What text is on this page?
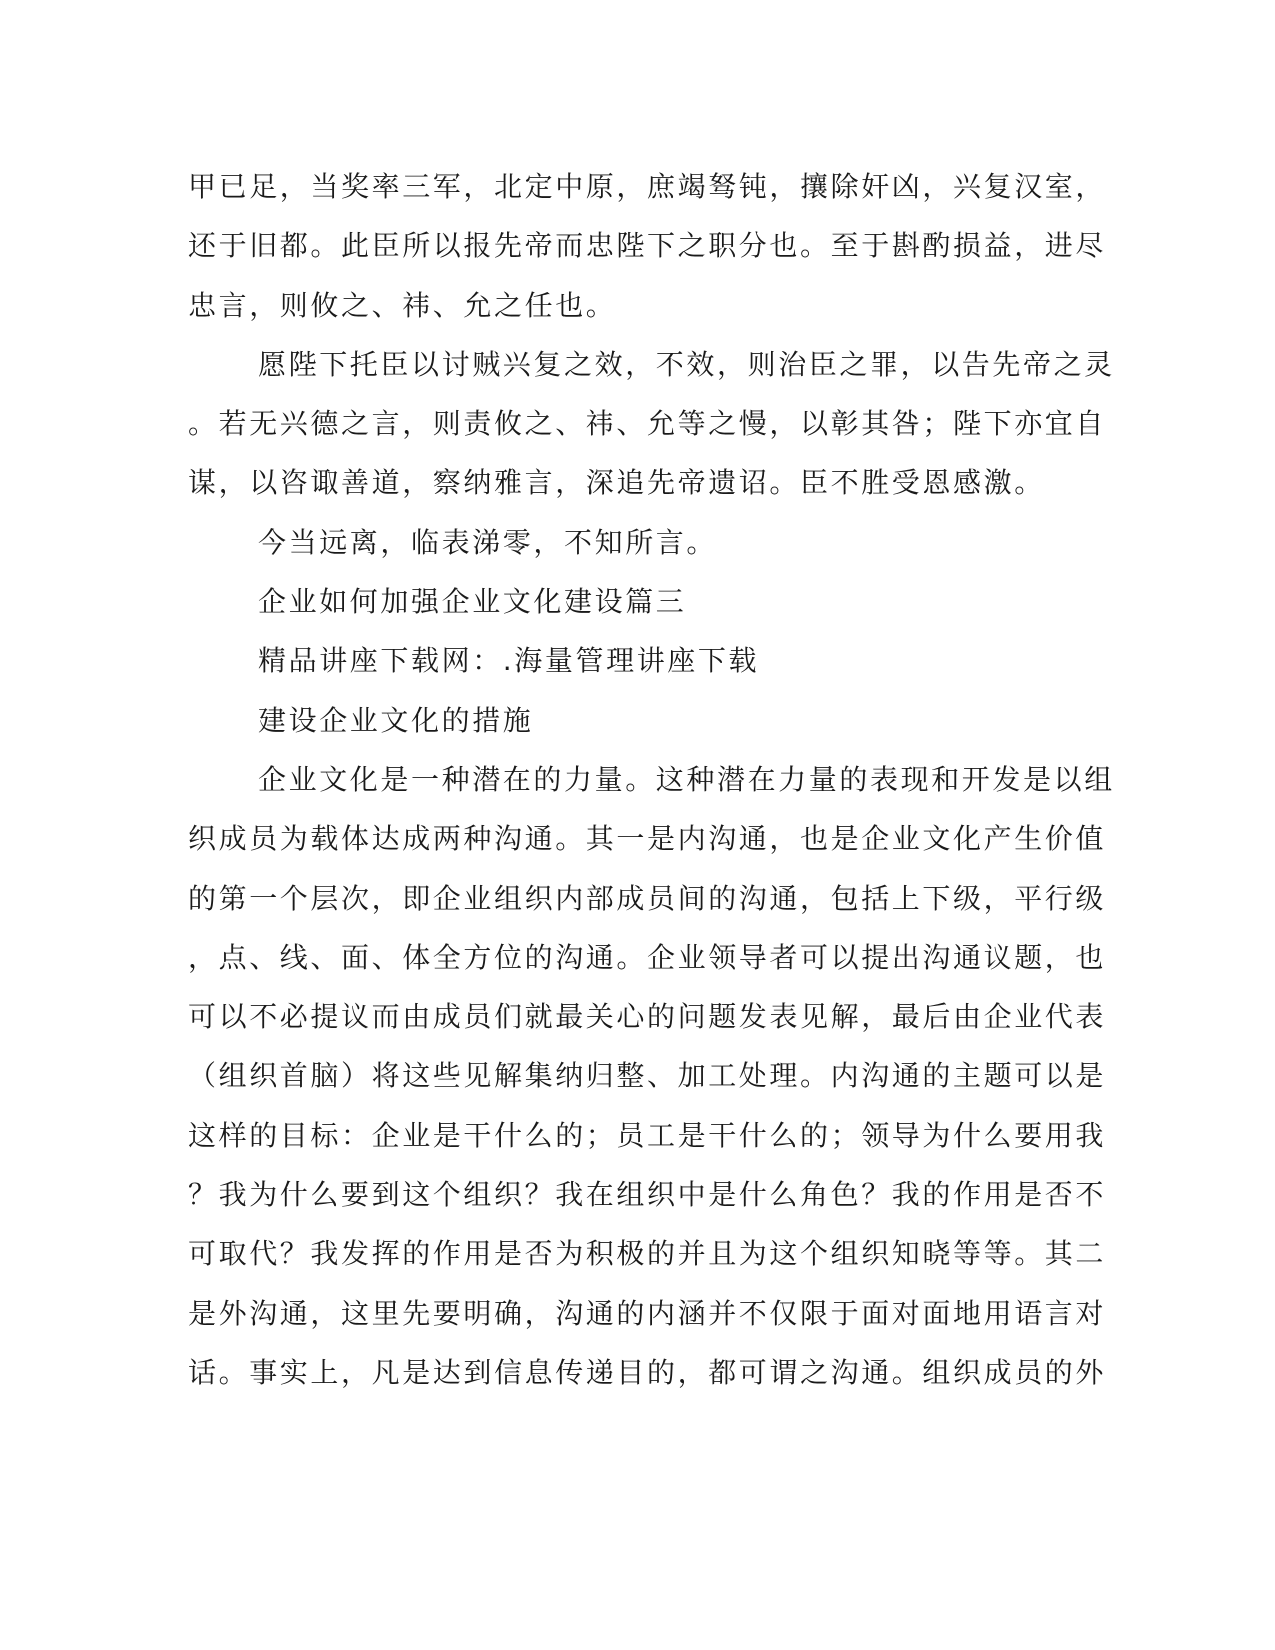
甲已足，当奖率三军，北定中原，庶竭驽钝，攘除奸凶，兴复汉室，
还于旧都。此臣所以报先帝而忠陛下之职分也。至于斟酌损益，进尽
忠言，则攸之、祎、允之任也。
愿陛下托臣以讨贼兴复之效，不效，则治臣之罪，以告先帝之灵
。若无兴德之言，则责攸之、祎、允等之慢，以彰其咎；陛下亦宜自
谋，以咨诹善道，察纳雅言，深追先帝遗诏。臣不胜受恩感激。
今当远离，临表涕零，不知所言。
企业如何加强企业文化建设篇三
精品讲座下载网：.海量管理讲座下载
建设企业文化的措施
企业文化是一种潜在的力量。这种潜在力量的表现和开发是以组
织成员为载体达成两种沟通。其一是内沟通，也是企业文化产生价值
的第一个层次，即企业组织内部成员间的沟通，包括上下级，平行级
，点、线、面、体全方位的沟通。企业领导者可以提出沟通议题，也
可以不必提议而由成员们就最关心的问题发表见解，最后由企业代表
（组织首脑）将这些见解集纳归整、加工处理。内沟通的主题可以是
这样的目标：企业是干什么的；员工是干什么的；领导为什么要用我
？我为什么要到这个组织？我在组织中是什么角色？我的作用是否不
可取代？我发挥的作用是否为积极的并且为这个组织知晓等等。其二
是外沟通，这里先要明确，沟通的内涵并不仅限于面对面地用语言对
话。事实上，凡是达到信息传递目的，都可谓之沟通。组织成员的外
